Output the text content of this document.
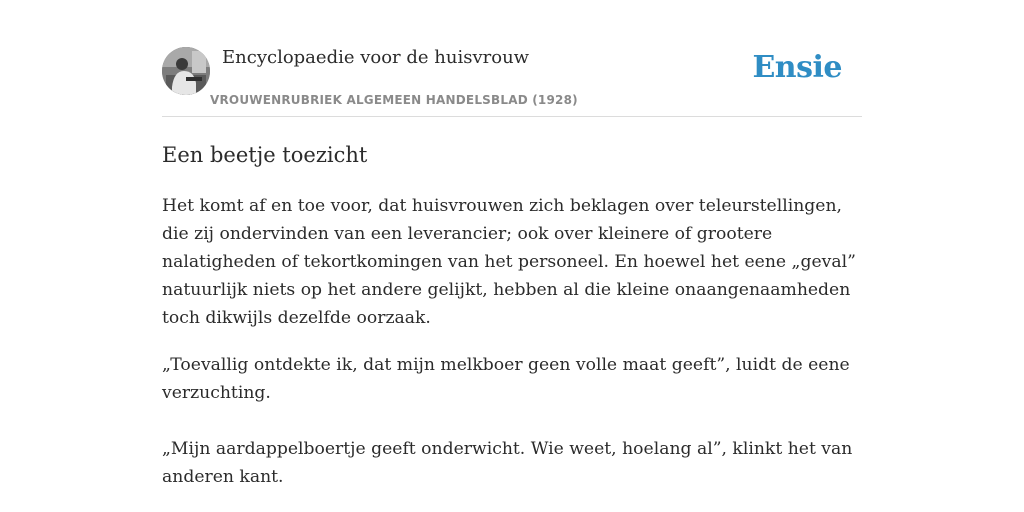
Encyclopaedie voor de huisvrouw
VROUWENRUBRIEK ALGEMEEN HANDELSBLAD (1928)
Ensie
Een beetje toezicht

Het komt af en toe voor, dat huisvrouwen zich beklagen over teleurstellingen, die zij ondervinden van een leverancier; ook over kleinere of grootere nalatigheden of tekortkomingen van het personeel. En hoewel het eene „geval” natuurlijk niets op het andere gelijkt, hebben al die kleine onaangenaamheden toch dikwijls dezelfde oorzaak.

„Toevallig ontdekte ik, dat mijn melkboer geen volle maat geeft”, luidt de eene verzuchting.

„Mijn aardappelboertje geeft onderwicht. Wie weet, hoelang al”, klinkt het van anderen kant.
